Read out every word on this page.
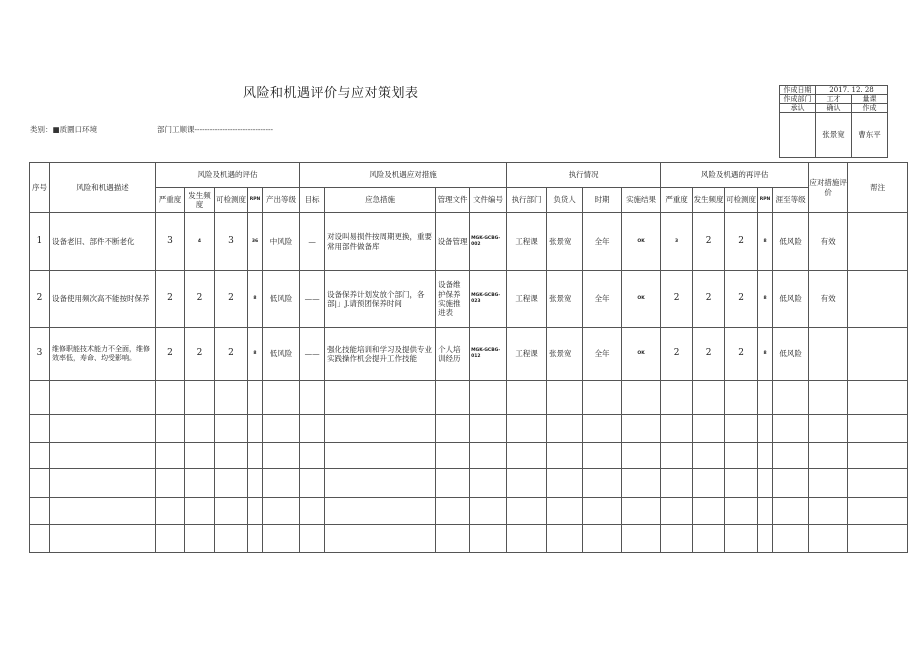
风险和机遇评价与应对策划表
类别：■质圜口环境	部门工顺课-------------------------------
作成日期	2017. 12. 28	
作成部门	工才	量课
承认	确认	作成
	张景宽	曹东平
序号	风险和机遇描述	风险及机遇的评估					风险及机遇应对措施				执行情况				风险及机遇的再评估					应对措施评价	帮注
		严重度	发生频度	可检测度	RPN	产出等级	目标	应急措施	管理文件	文件编号	执行部门	负货人	时期	实施结果	严重度	发生频度	可检测度	RPN	涯至等级		
1	设备老旧、部件不断老化	3	4	3	36	中风险	—	对设叫易损件按周期更换，重要常用部件做备库	设备管理	MGK-GCBG-002	工程课	张景宽	全年	OK	3	2	2	8	低风险	有效	
2	设备使用频次高不能按时保养	2	2	2	8	低风险	——	设备保养计划发放个部门，各部|」J.请预团保养时间	设备维护保养实施推进表	MGK-GCBG-023	工程课	张景宽	全年	OK	2	2	2	8	低风险	有效	
3	维修职能技术能力不全面，维修效率低，寿命、均受影响。	2	2	2	8	低风险	——	强化技能培训和学习及提供专业实践操作机会提升工作技能	个人培训经历	MGK-GCBG-012	工程课	张景宽	全年	OK	2	2	2	8	低风险		
